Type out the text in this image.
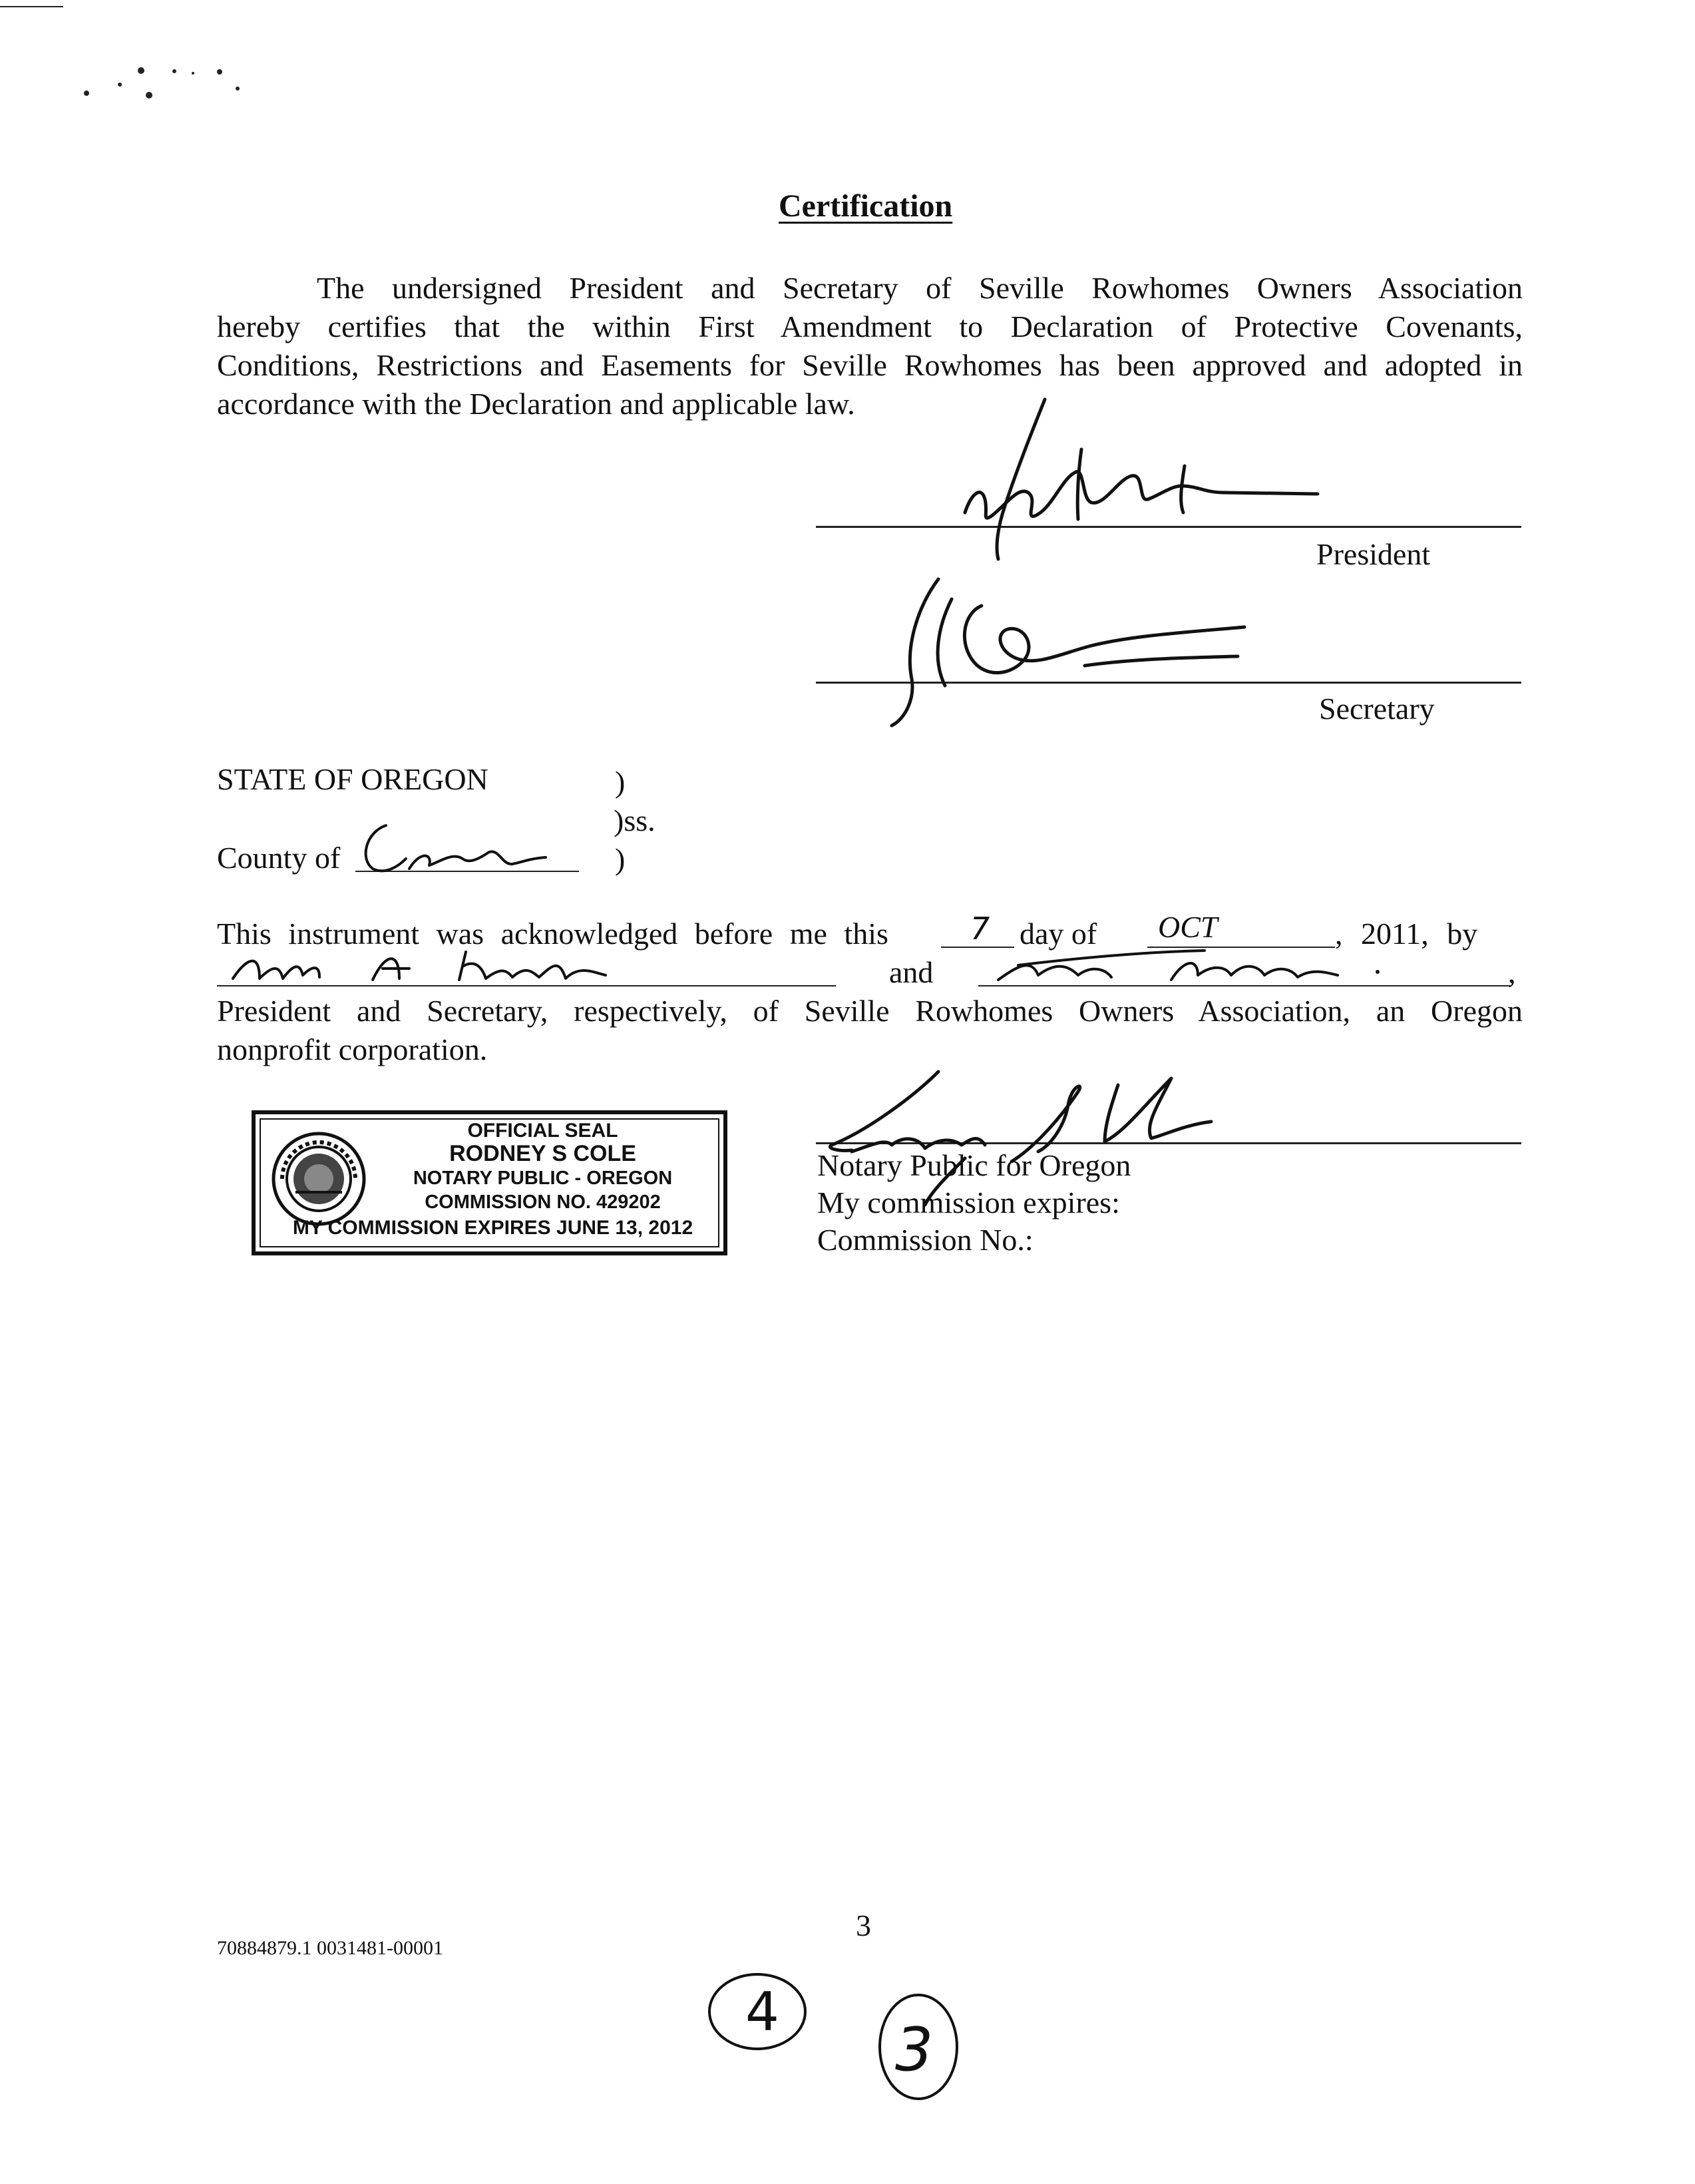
Certification
The undersigned President and Secretary of Seville Rowhomes Owners Association
hereby certifies that the within First Amendment to Declaration of Protective Covenants,
Conditions, Restrictions and Easements for Seville Rowhomes has been approved and adopted in
accordance with the Declaration and applicable law.
President
Secretary
STATE OF OREGON	)
)ss.
County of	)
This instrument was acknowledged before me this	7 day of OCT	, 2011, by
and	,
President and Secretary, respectively, of Seville Rowhomes Owners Association, an Oregon
nonprofit corporation.
OFFICIAL SEAL
RODNEY S COLE
NOTARY PUBLIC - OREGON
COMMISSION NO. 429202
MY COMMISSION EXPIRES JUNE 13, 2012
Notary Public for Oregon
My commission expires:
Commission No.:
3
70884879.1 0031481-00001
4
3
